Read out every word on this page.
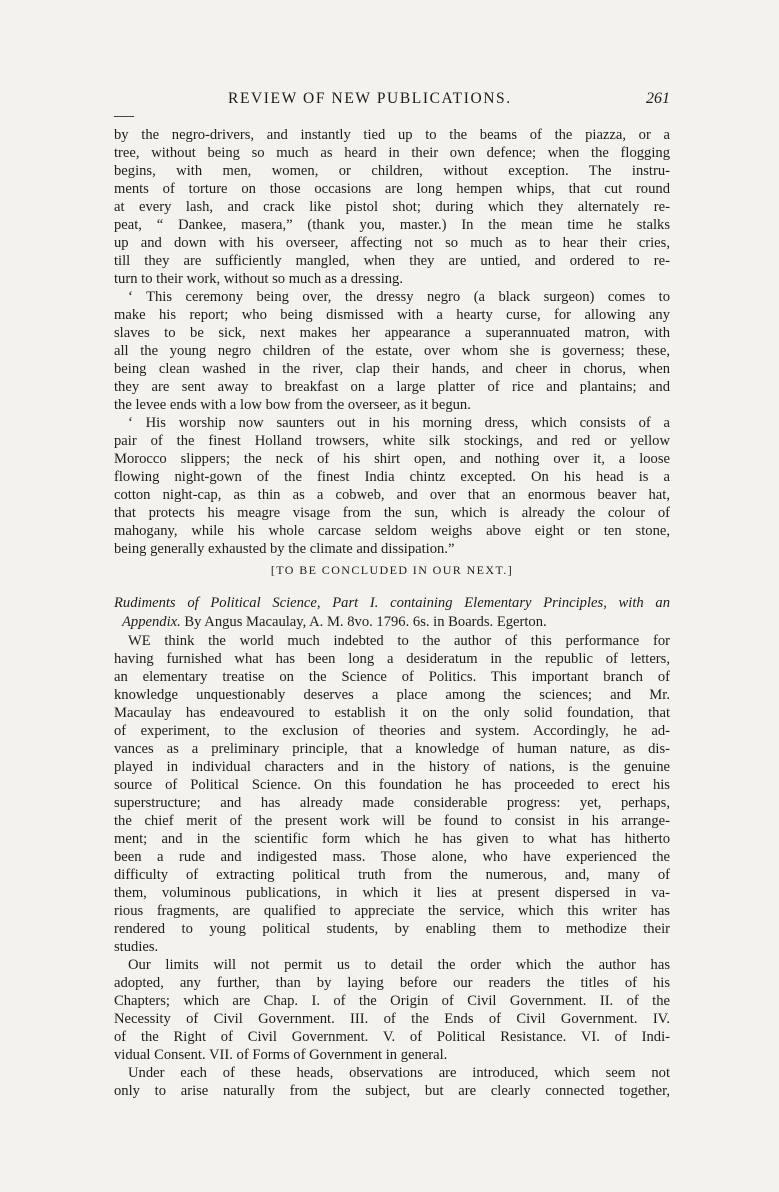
REVIEW OF NEW PUBLICATIONS.	261
by the negro-drivers, and instantly tied up to the beams of the piazza, or a
tree, without being so much as heard in their own defence; when the flogging
begins, with men, women, or children, without exception. The instru-
ments of torture on those occasions are long hempen whips, that cut round
at every lash, and crack like pistol shot; during which they alternately re-
peat, “ Dankee, masera,” (thank you, master.) In the mean time he stalks
up and down with his overseer, affecting not so much as to hear their cries,
till they are sufficiently mangled, when they are untied, and ordered to re-
turn to their work, without so much as a dressing.
‘ This ceremony being over, the dressy negro (a black surgeon) comes to
make his report; who being dismissed with a hearty curse, for allowing any
slaves to be sick, next makes her appearance a superannuated matron, with
all the young negro children of the estate, over whom she is governess; these,
being clean washed in the river, clap their hands, and cheer in chorus, when
they are sent away to breakfast on a large platter of rice and plantains; and
the levee ends with a low bow from the overseer, as it begun.
‘ His worship now saunters out in his morning dress, which consists of a
pair of the finest Holland trowsers, white silk stockings, and red or yellow
Morocco slippers; the neck of his shirt open, and nothing over it, a loose
flowing night-gown of the finest India chintz excepted. On his head is a
cotton night-cap, as thin as a cobweb, and over that an enormous beaver hat,
that protects his meagre visage from the sun, which is already the colour of
mahogany, while his whole carcase seldom weighs above eight or ten stone,
being generally exhausted by the climate and dissipation.”
[TO BE CONCLUDED IN OUR NEXT.]
Rudiments of Political Science, Part I. containing Elementary Principles, with an
Appendix. By Angus Macaulay, A. M. 8vo. 1796. 6s. in Boards. Egerton.
WE think the world much indebted to the author of this performance for
having furnished what has been long a desideratum in the republic of letters,
an elementary treatise on the Science of Politics. This important branch of
knowledge unquestionably deserves a place among the sciences; and Mr.
Macaulay has endeavoured to establish it on the only solid foundation, that
of experiment, to the exclusion of theories and system. Accordingly, he ad-
vances as a preliminary principle, that a knowledge of human nature, as dis-
played in individual characters and in the history of nations, is the genuine
source of Political Science. On this foundation he has proceeded to erect his
superstructure; and has already made considerable progress: yet, perhaps,
the chief merit of the present work will be found to consist in his arrange-
ment; and in the scientific form which he has given to what has hitherto
been a rude and indigested mass. Those alone, who have experienced the
difficulty of extracting political truth from the numerous, and, many of
them, voluminous publications, in which it lies at present dispersed in va-
rious fragments, are qualified to appreciate the service, which this writer has
rendered to young political students, by enabling them to methodize their
studies.
Our limits will not permit us to detail the order which the author has
adopted, any further, than by laying before our readers the titles of his
Chapters; which are Chap. I. of the Origin of Civil Government. II. of the
Necessity of Civil Government. III. of the Ends of Civil Government. IV.
of the Right of Civil Government. V. of Political Resistance. VI. of Indi-
vidual Consent. VII. of Forms of Government in general.
Under each of these heads, observations are introduced, which seem not
only to arise naturally from the subject, but are clearly connected together,
